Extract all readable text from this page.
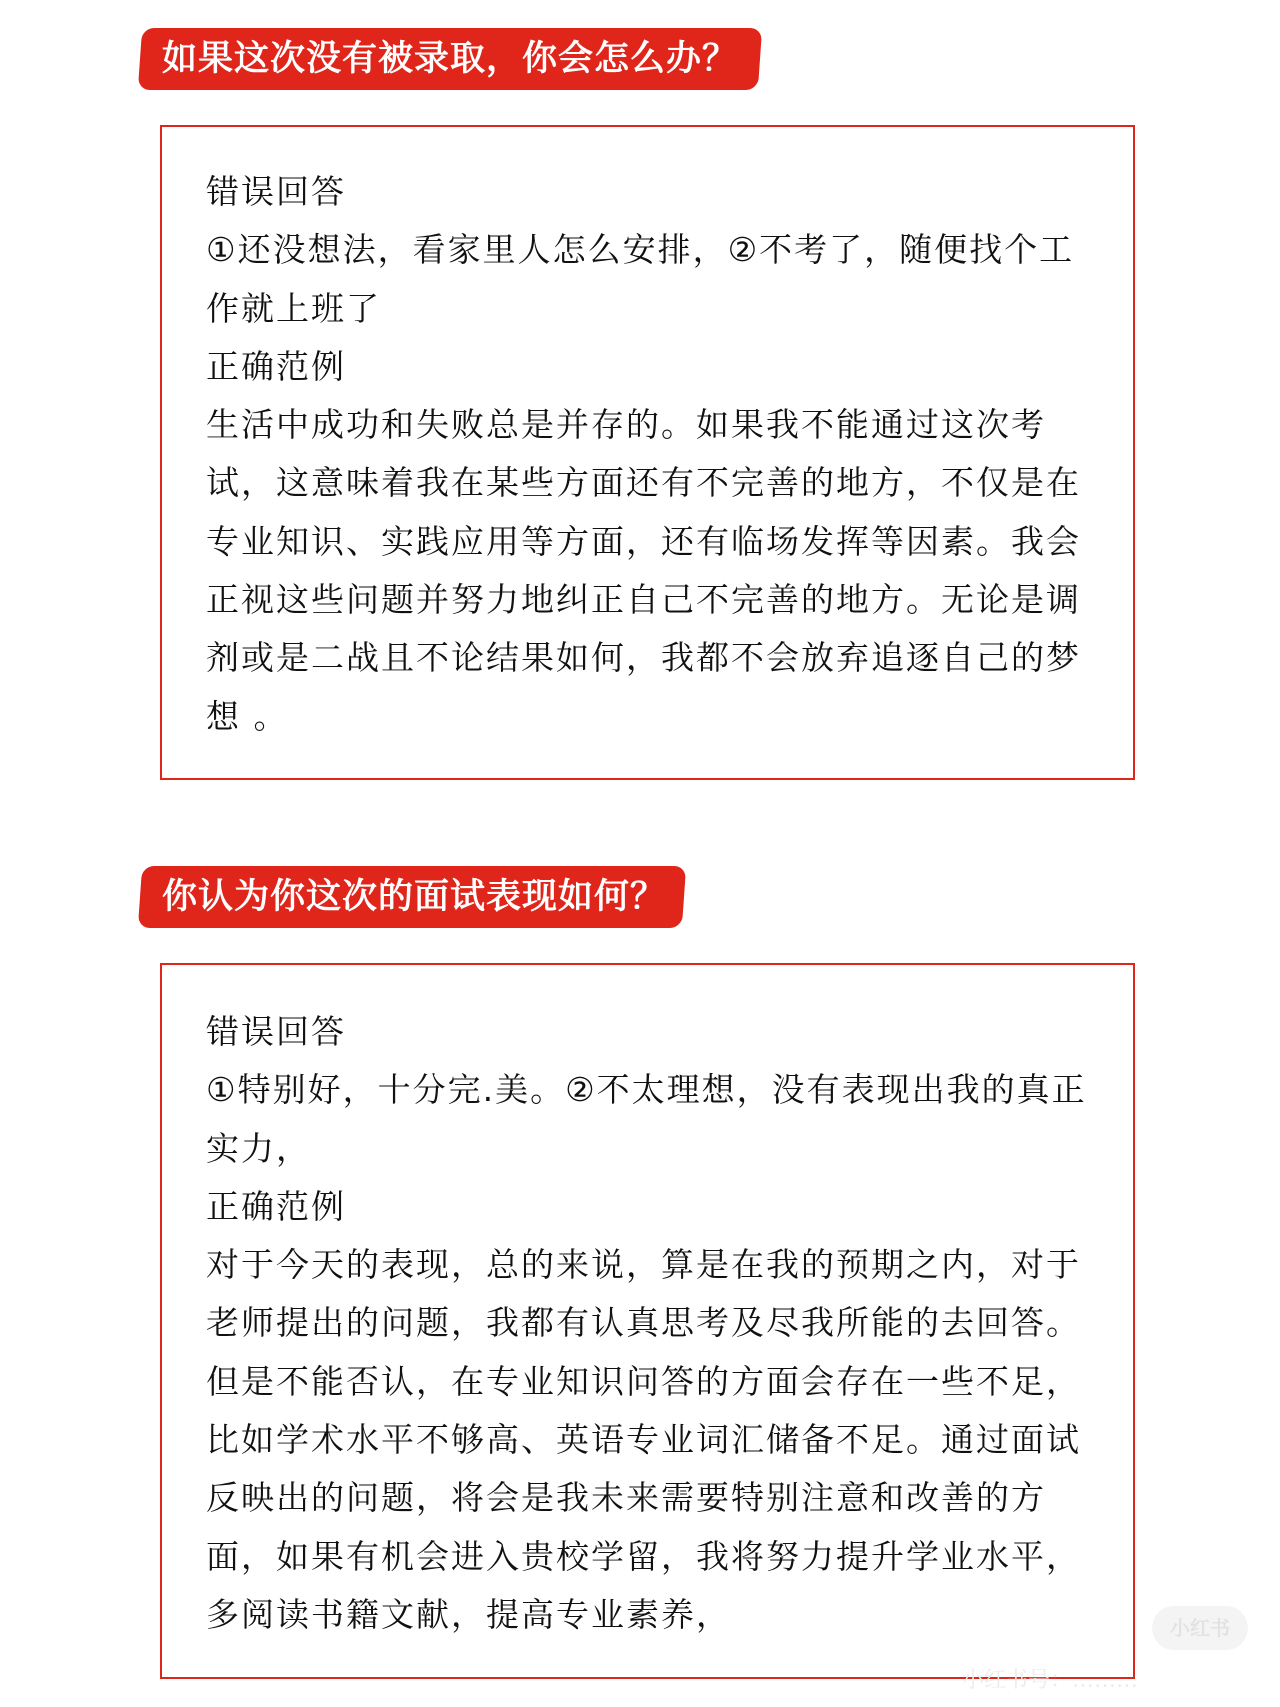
如果这次没有被录取，你会怎么办？
错误回答
①还没想法，看家里人怎么安排，②不考了，随便找个工
作就上班了
正确范例
生活中成功和失败总是并存的。如果我不能通过这次考
试，这意味着我在某些方面还有不完善的地方，不仅是在
专业知识、实践应用等方面，还有临场发挥等因素。我会
正视这些问题并努力地纠正自己不完善的地方。无论是调
剂或是二战且不论结果如何，我都不会放弃追逐自己的梦
想 。
你认为你这次的面试表现如何？
错误回答
①特别好，十分完.美。②不太理想，没有表现出我的真正
实力，
正确范例
对于今天的表现，总的来说，算是在我的预期之内，对于
老师提出的问题，我都有认真思考及尽我所能的去回答。
但是不能否认，在专业知识问答的方面会存在一些不足，
比如学术水平不够高、英语专业词汇储备不足。通过面试
反映出的问题，将会是我未来需要特别注意和改善的方
面，如果有机会进入贵校学留，我将努力提升学业水平，
多阅读书籍文献，提高专业素养，	小红书
小红书号：………
